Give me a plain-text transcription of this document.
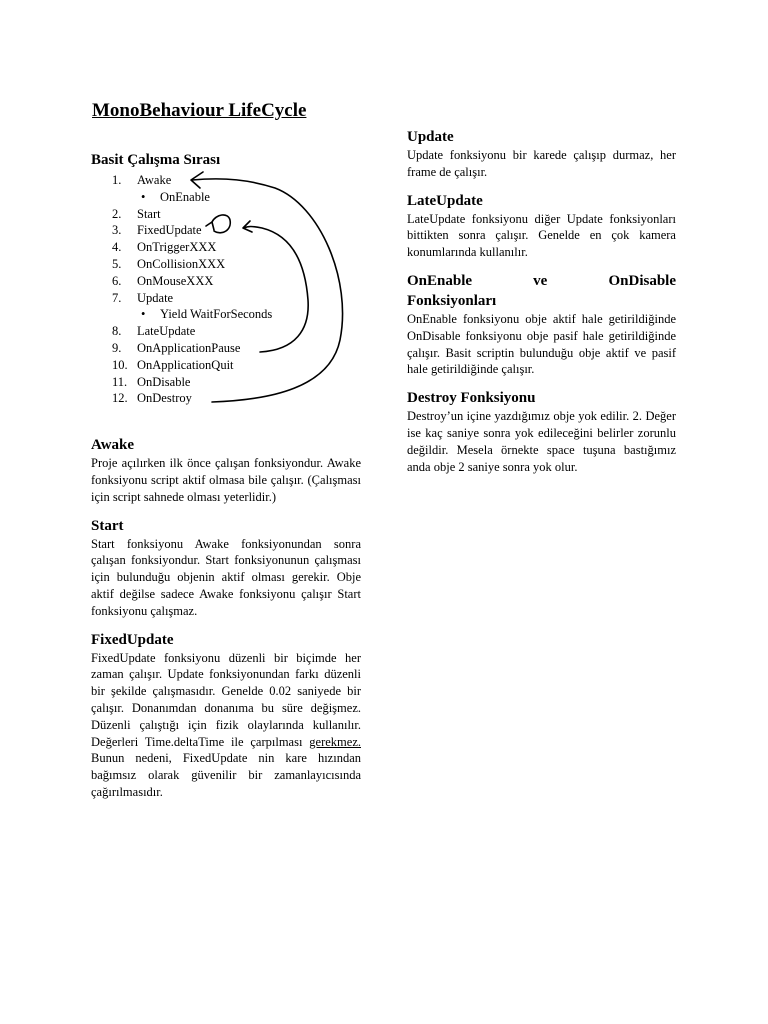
MonoBehaviour LifeCycle
Basit Çalışma Sırası
1.	Awake
• OnEnable
2.	Start
3.	FixedUpdate
4.	OnTriggerXXX
5.	OnCollisionXXX
6.	OnMouseXXX
7.	Update
• Yield WaitForSeconds
8.	LateUpdate
9.	OnApplicationPause
10. OnApplicationQuit
11. OnDisable
12. OnDestroy
Awake

Proje açılırken ilk önce çalışan fonksiyondur. Awake fonksiyonu script aktif olmasa bile çalışır. (Çalışması için script sahnede olması yeterlidir.)

Start

Start fonksiyonu Awake fonksiyonundan sonra çalışan fonksiyondur. Start fonksiyonunun çalışması için bulunduğu objenin aktif olması gerekir. Obje aktif değilse sadece Awake fonksiyonu çalışır Start fonksiyonu çalışmaz.

FixedUpdate

FixedUpdate fonksiyonu düzenli bir biçimde her zaman çalışır. Update fonksiyonundan farkı düzenli bir şekilde çalışmasıdır. Genelde 0.02 saniyede bir çalışır. Donanımdan donanıma bu süre değişmez. Düzenli çalıştığı için fizik olaylarında kullanılır. Değerleri Time.deltaTime ile çarpılması gerekmez. Bunun nedeni, FixedUpdate nin kare hızından bağımsız olarak güvenilir bir zamanlayıcısında çağırılmasıdır.

Update

Update fonksiyonu bir karede çalışıp durmaz, her frame de çalışır.

LateUpdate

LateUpdate fonksiyonu diğer Update fonksiyonları bittikten sonra çalışır. Genelde en çok kamera konumlarında kullanılır.

OnEnable	ve	OnDisable
Fonksiyonları

OnEnable fonksiyonu obje aktif hale getirildiğinde OnDisable fonksiyonu obje pasif hale getirildiğinde çalışır. Basit scriptin bulunduğu obje aktif ve pasif hale getirildiğinde çalışır.

Destroy Fonksiyonu

Destroy’un içine yazdığımız obje yok edilir. 2. Değer ise kaç saniye sonra yok edileceğini belirler zorunlu değildir. Mesela örnekte space tuşuna bastığımız anda obje 2 saniye sonra yok olur.
